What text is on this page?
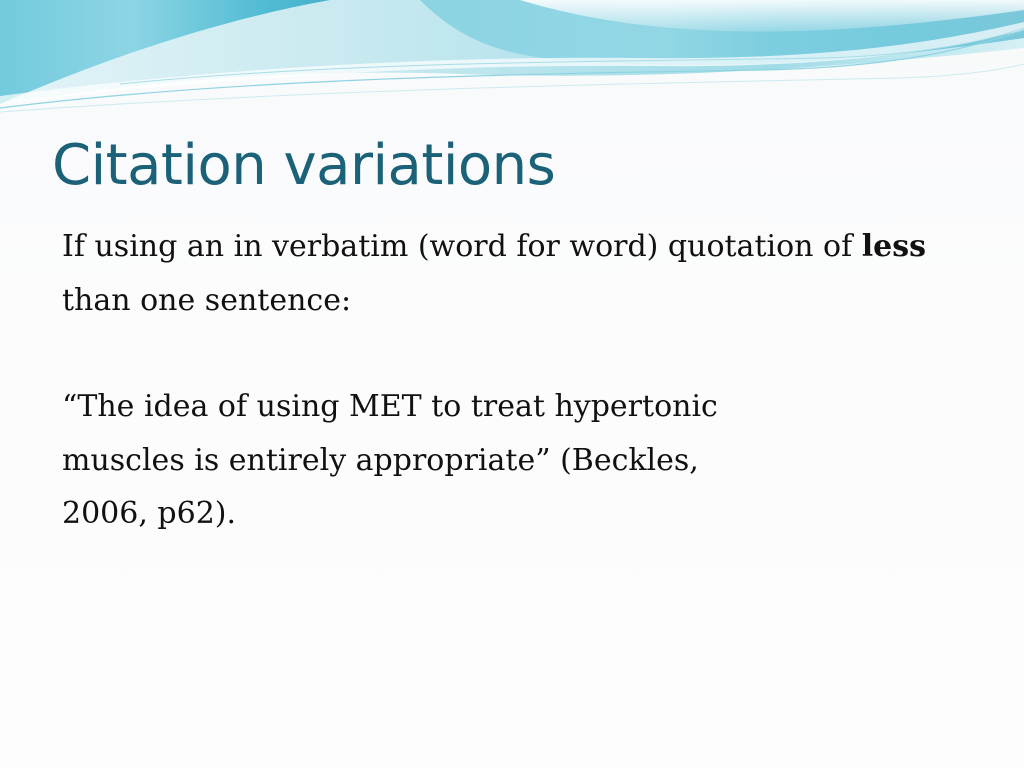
Citation variations

If using an in verbatim (word for word) quotation of less than one sentence:

“The idea of using MET to treat hypertonic
muscles is entirely appropriate” (Beckles,
2006, p62).
